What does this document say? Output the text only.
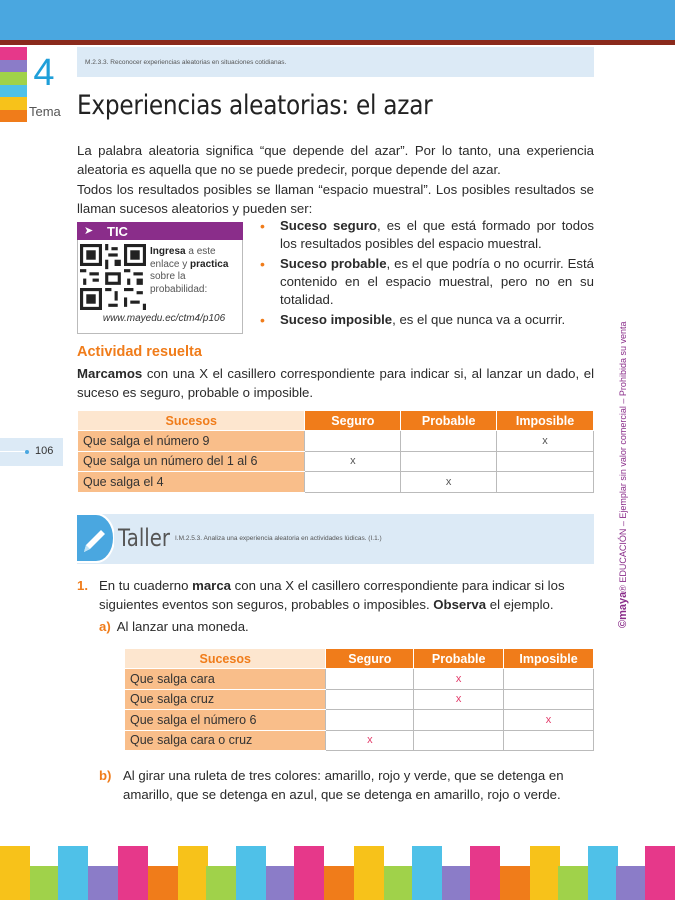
4
Tema
M.2.3.3. Reconocer experiencias aleatorias en situaciones cotidianas.
Experiencias aleatorias: el azar

La palabra aleatoria significa “que depende del azar”. Por lo tanto, una experiencia aleatoria es aquella que no se puede predecir, porque depende del azar.

Todos los resultados posibles se llaman “espacio muestral”. Los posibles resultados se llaman sucesos aleatorios y pueden ser:

TIC
➤
Ingresa a este enlace y practica sobre la probabilidad:
www.mayedu.ec/ctm4/p106
• Suceso seguro, es el que está formado por todos los resultados posibles del espacio muestral.
• Suceso probable, es el que podría o no ocurrir. Está contenido en el espacio muestral, pero no en su totalidad.
• Suceso imposible, es el que nunca va a ocurrir.
Actividad resuelta

Marcamos con una X el casillero correspondiente para indicar si, al lanzar un dado, el suceso es seguro, probable o imposible.

Sucesos	Seguro	Probable	Imposible
Que salga el número 9			x
Que salga un número del 1 al 6	x		
Que salga el 4		x	
106
Taller I.M.2.5.3. Analiza una experiencia aleatoria en actividades lúdicas. (I.1.)
1. En tu cuaderno marca con una X el casillero correspondiente para indicar si los siguientes eventos son seguros, probables o imposibles. Observa el ejemplo.
a) Al lanzar una moneda.
Sucesos	Seguro	Probable	Imposible
Que salga cara		x	
Que salga cruz		x	
Que salga el número 6			x
Que salga cara o cruz	x		
b) Al girar una ruleta de tres colores: amarillo, rojo y verde, que se detenga en amarillo, que se detenga en azul, que se detenga en amarillo, rojo o verde.
©maya® EDUCACIÓN – Ejemplar sin valor comercial – Prohibida su venta
